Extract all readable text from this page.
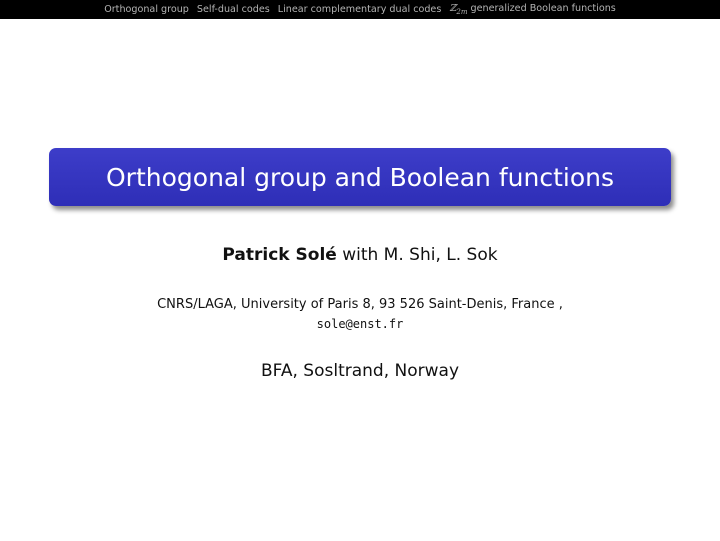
Orthogonal group Self-dual codes Linear complementary dual codes ℤ$_{2m}$ generalized Boolean functions
Orthogonal group and Boolean functions
Patrick Solé with M. Shi, L. Sok
CNRS/LAGA, University of Paris 8, 93 526 Saint-Denis, France ,
sole@enst.fr
BFA, Sosltrand, Norway
